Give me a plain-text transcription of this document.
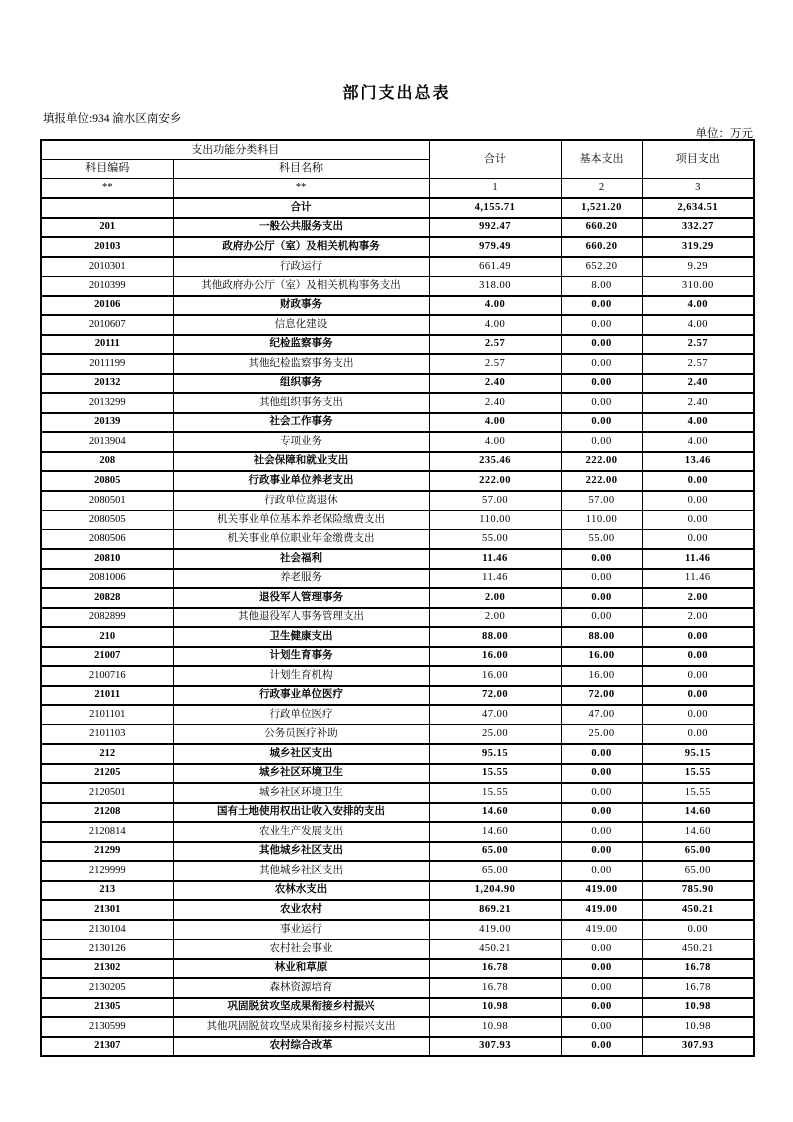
部门支出总表
填报单位:934 渝水区南安乡
单位：万元
支出功能分类科目		合计	基本支出	项目支出
科目编码	科目名称			
**	**	1	2	3
	合计	4,155.71	1,521.20	2,634.51
201	一般公共服务支出	992.47	660.20	332.27
20103	政府办公厅（室）及相关机构事务	979.49	660.20	319.29
2010301	行政运行	661.49	652.20	9.29
2010399	其他政府办公厅（室）及相关机构事务支出	318.00	8.00	310.00
20106	财政事务	4.00	0.00	4.00
2010607	信息化建设	4.00	0.00	4.00
20111	纪检监察事务	2.57	0.00	2.57
2011199	其他纪检监察事务支出	2.57	0.00	2.57
20132	组织事务	2.40	0.00	2.40
2013299	其他组织事务支出	2.40	0.00	2.40
20139	社会工作事务	4.00	0.00	4.00
2013904	专项业务	4.00	0.00	4.00
208	社会保障和就业支出	235.46	222.00	13.46
20805	行政事业单位养老支出	222.00	222.00	0.00
2080501	行政单位离退休	57.00	57.00	0.00
2080505	机关事业单位基本养老保险缴费支出	110.00	110.00	0.00
2080506	机关事业单位职业年金缴费支出	55.00	55.00	0.00
20810	社会福利	11.46	0.00	11.46
2081006	养老服务	11.46	0.00	11.46
20828	退役军人管理事务	2.00	0.00	2.00
2082899	其他退役军人事务管理支出	2.00	0.00	2.00
210	卫生健康支出	88.00	88.00	0.00
21007	计划生育事务	16.00	16.00	0.00
2100716	计划生育机构	16.00	16.00	0.00
21011	行政事业单位医疗	72.00	72.00	0.00
2101101	行政单位医疗	47.00	47.00	0.00
2101103	公务员医疗补助	25.00	25.00	0.00
212	城乡社区支出	95.15	0.00	95.15
21205	城乡社区环境卫生	15.55	0.00	15.55
2120501	城乡社区环境卫生	15.55	0.00	15.55
21208	国有土地使用权出让收入安排的支出	14.60	0.00	14.60
2120814	农业生产发展支出	14.60	0.00	14.60
21299	其他城乡社区支出	65.00	0.00	65.00
2129999	其他城乡社区支出	65.00	0.00	65.00
213	农林水支出	1,204.90	419.00	785.90
21301	农业农村	869.21	419.00	450.21
2130104	事业运行	419.00	419.00	0.00
2130126	农村社会事业	450.21	0.00	450.21
21302	林业和草原	16.78	0.00	16.78
2130205	森林资源培育	16.78	0.00	16.78
21305	巩固脱贫攻坚成果衔接乡村振兴	10.98	0.00	10.98
2130599	其他巩固脱贫攻坚成果衔接乡村振兴支出	10.98	0.00	10.98
21307	农村综合改革	307.93	0.00	307.93
